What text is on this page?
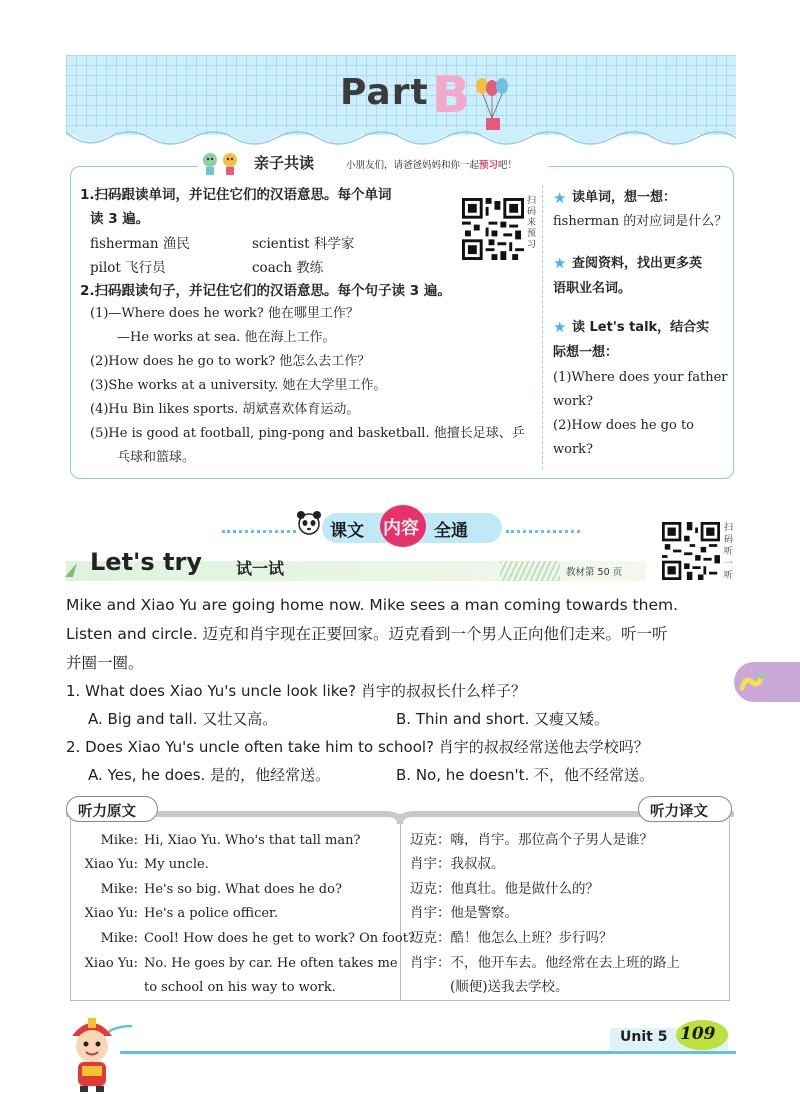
Part B
亲子共读	小朋友们，请爸爸妈妈和你一起预习吧！
1.扫码跟读单词，并记住它们的汉语意思。每个单词
读 3 遍。
fisherman 渔民	scientist 科学家
pilot 飞行员	coach 教练
2.扫码跟读句子，并记住它们的汉语意思。每个句子读 3 遍。
(1)—Where does he work? 他在哪里工作？
—He works at sea. 他在海上工作。
(2)How does he go to work? 他怎么去工作？
(3)She works at a university. 她在大学里工作。
(4)Hu Bin likes sports. 胡斌喜欢体育运动。
(5)He is good at football, ping-pong and basketball. 他擅长足球、乒
乓球和篮球。
扫码来预习
★ 读单词，想一想：
fisherman 的对应词是什么？
★ 查阅资料，找出更多英
语职业名词。
★ 读 Let's talk，结合实
际想一想：
(1)Where does your father
work?
(2)How does he go to
work?
课文 内容 全通
Let's try 试一试	教材第 50 页
扫码听一听
Mike and Xiao Yu are going home now. Mike sees a man coming towards them.
Listen and circle. 迈克和肖宇现在正要回家。迈克看到一个男人正向他们走来。听一听
并圈一圈。
1. What does Xiao Yu's uncle look like? 肖宇的叔叔长什么样子？
A. Big and tall. 又壮又高。	B. Thin and short. 又瘦又矮。
2. Does Xiao Yu's uncle often take him to school? 肖宇的叔叔经常送他去学校吗？
A. Yes, he does. 是的，他经常送。	B. No, he doesn't. 不，他不经常送。
听力原文	听力译文
Mike: Hi, Xiao Yu. Who's that tall man?
Xiao Yu: My uncle.
Mike: He's so big. What does he do?
Xiao Yu: He's a police officer.
Mike: Cool! How does he get to work? On foot?
Xiao Yu: No. He goes by car. He often takes me
to school on his way to work.
迈克：嗨，肖宇。那位高个子男人是谁？
肖宇：我叔叔。
迈克：他真壮。他是做什么的？
肖宇：他是警察。
迈克：酷！他怎么上班？步行吗？
肖宇：不，他开车去。他经常在去上班的路上
(顺便)送我去学校。
Unit 5 109
